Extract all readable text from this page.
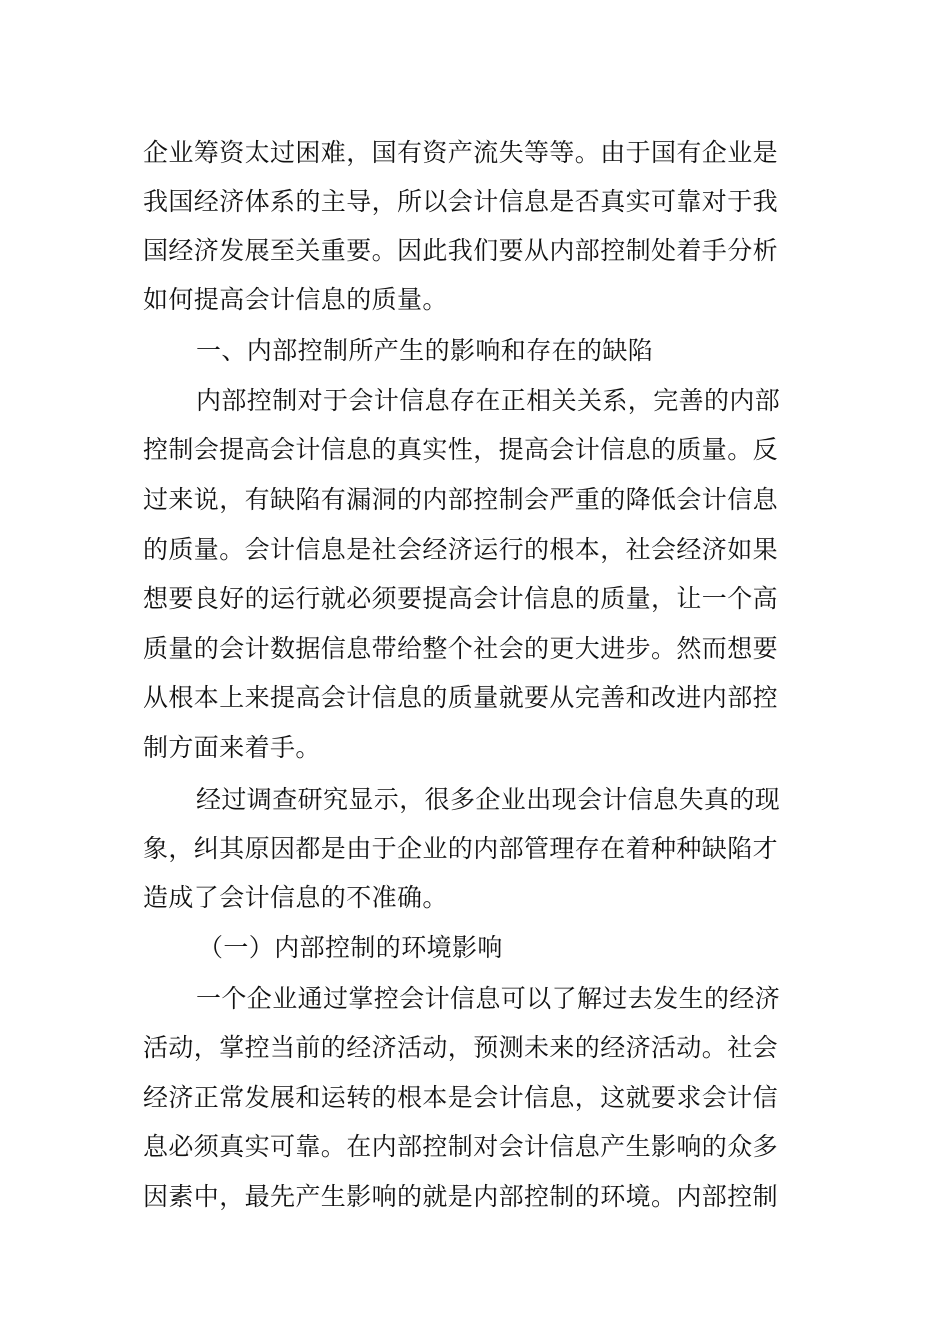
企业筹资太过困难，国有资产流失等等。由于国有企业是
我国经济体系的主导，所以会计信息是否真实可靠对于我
国经济发展至关重要。因此我们要从内部控制处着手分析
如何提高会计信息的质量。
一、内部控制所产生的影响和存在的缺陷
内部控制对于会计信息存在正相关关系，完善的内部
控制会提高会计信息的真实性，提高会计信息的质量。反
过来说，有缺陷有漏洞的内部控制会严重的降低会计信息
的质量。会计信息是社会经济运行的根本，社会经济如果
想要良好的运行就必须要提高会计信息的质量，让一个高
质量的会计数据信息带给整个社会的更大进步。然而想要
从根本上来提高会计信息的质量就要从完善和改进内部控
制方面来着手。
经过调查研究显示，很多企业出现会计信息失真的现
象，纠其原因都是由于企业的内部管理存在着种种缺陷才
造成了会计信息的不准确。
（一）内部控制的环境影响
一个企业通过掌控会计信息可以了解过去发生的经济
活动，掌控当前的经济活动，预测未来的经济活动。社会
经济正常发展和运转的根本是会计信息，这就要求会计信
息必须真实可靠。在内部控制对会计信息产生影响的众多
因素中，最先产生影响的就是内部控制的环境。内部控制
